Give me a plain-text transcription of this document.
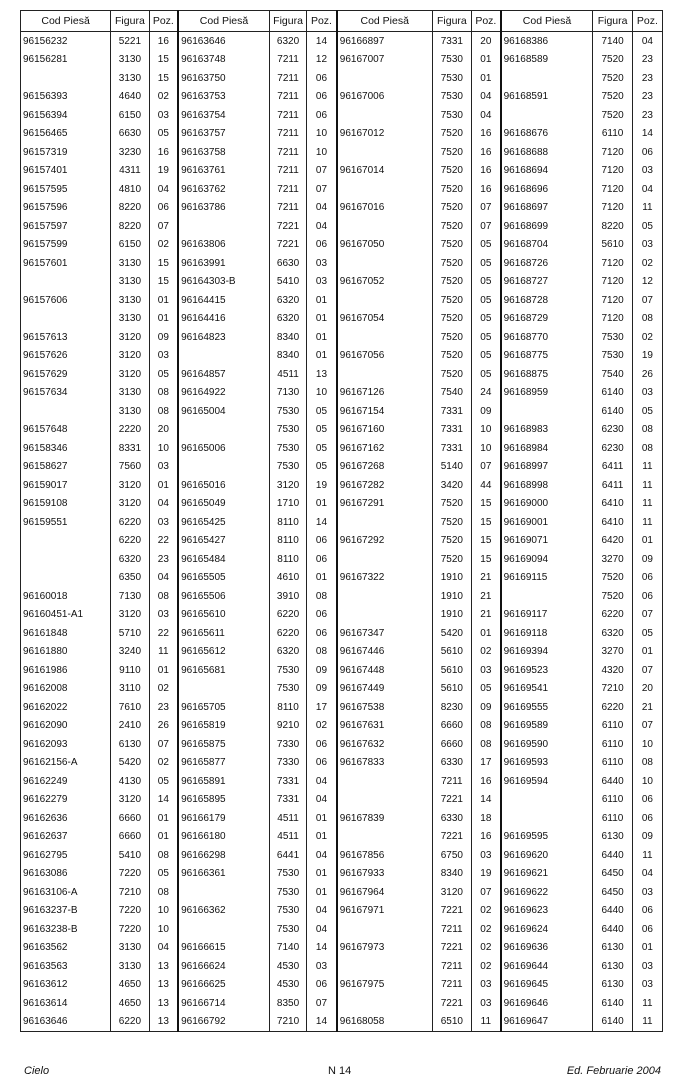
Cod Piesă	Figura	Poz.	Cod Piesă	Figura	Poz.	Cod Piesă	Figura	Poz.	Cod Piesă	Figura	Poz.
96156232	5221	16	96163646	6320	14	96166897	7331	20	96168386	7140	04
96156281	3130	15	96163748	7211	12	96167007	7530	01	96168589	7520	23
	3130	15	96163750	7211	06		7530	01		7520	23
96156393	4640	02	96163753	7211	06	96167006	7530	04	96168591	7520	23
96156394	6150	03	96163754	7211	06		7530	04		7520	23
96156465	6630	05	96163757	7211	10	96167012	7520	16	96168676	6110	14
96157319	3230	16	96163758	7211	10		7520	16	96168688	7120	06
96157401	4311	19	96163761	7211	07	96167014	7520	16	96168694	7120	03
96157595	4810	04	96163762	7211	07		7520	16	96168696	7120	04
96157596	8220	06	96163786	7211	04	96167016	7520	07	96168697	7120	11
96157597	8220	07		7221	04		7520	07	96168699	8220	05
96157599	6150	02	96163806	7221	06	96167050	7520	05	96168704	5610	03
96157601	3130	15	96163991	6630	03		7520	05	96168726	7120	02
	3130	15	96164303-B	5410	03	96167052	7520	05	96168727	7120	12
96157606	3130	01	96164415	6320	01		7520	05	96168728	7120	07
	3130	01	96164416	6320	01	96167054	7520	05	96168729	7120	08
96157613	3120	09	96164823	8340	01		7520	05	96168770	7530	02
96157626	3120	03		8340	01	96167056	7520	05	96168775	7530	19
96157629	3120	05	96164857	4511	13		7520	05	96168875	7540	26
96157634	3130	08	96164922	7130	10	96167126	7540	24	96168959	6140	03
	3130	08	96165004	7530	05	96167154	7331	09		6140	05
96157648	2220	20		7530	05	96167160	7331	10	96168983	6230	08
96158346	8331	10	96165006	7530	05	96167162	7331	10	96168984	6230	08
96158627	7560	03		7530	05	96167268	5140	07	96168997	6411	11
96159017	3120	01	96165016	3120	19	96167282	3420	44	96168998	6411	11
96159108	3120	04	96165049	1710	01	96167291	7520	15	96169000	6410	11
96159551	6220	03	96165425	8110	14		7520	15	96169001	6410	11
	6220	22	96165427	8110	06	96167292	7520	15	96169071	6420	01
	6320	23	96165484	8110	06		7520	15	96169094	3270	09
	6350	04	96165505	4610	01	96167322	1910	21	96169115	7520	06
96160018	7130	08	96165506	3910	08		1910	21		7520	06
96160451-A1	3120	03	96165610	6220	06		1910	21	96169117	6220	07
96161848	5710	22	96165611	6220	06	96167347	5420	01	96169118	6320	05
96161880	3240	11	96165612	6320	08	96167446	5610	02	96169394	3270	01
96161986	9110	01	96165681	7530	09	96167448	5610	03	96169523	4320	07
96162008	3110	02		7530	09	96167449	5610	05	96169541	7210	20
96162022	7610	23	96165705	8110	17	96167538	8230	09	96169555	6220	21
96162090	2410	26	96165819	9210	02	96167631	6660	08	96169589	6110	07
96162093	6130	07	96165875	7330	06	96167632	6660	08	96169590	6110	10
96162156-A	5420	02	96165877	7330	06	96167833	6330	17	96169593	6110	08
96162249	4130	05	96165891	7331	04		7211	16	96169594	6440	10
96162279	3120	14	96165895	7331	04		7221	14		6110	06
96162636	6660	01	96166179	4511	01	96167839	6330	18		6110	06
96162637	6660	01	96166180	4511	01		7221	16	96169595	6130	09
96162795	5410	08	96166298	6441	04	96167856	6750	03	96169620	6440	11
96163086	7220	05	96166361	7530	01	96167933	8340	19	96169621	6450	04
96163106-A	7210	08		7530	01	96167964	3120	07	96169622	6450	03
96163237-B	7220	10	96166362	7530	04	96167971	7221	02	96169623	6440	06
96163238-B	7220	10		7530	04		7211	02	96169624	6440	06
96163562	3130	04	96166615	7140	14	96167973	7221	02	96169636	6130	01
96163563	3130	13	96166624	4530	03		7211	02	96169644	6130	03
96163612	4650	13	96166625	4530	06	96167975	7211	03	96169645	6130	03
96163614	4650	13	96166714	8350	07		7221	03	96169646	6140	11
96163646	6220	13	96166792	7210	14	96168058	6510	11	96169647	6140	11
Cielo	N 14	Ed. Februarie 2004
